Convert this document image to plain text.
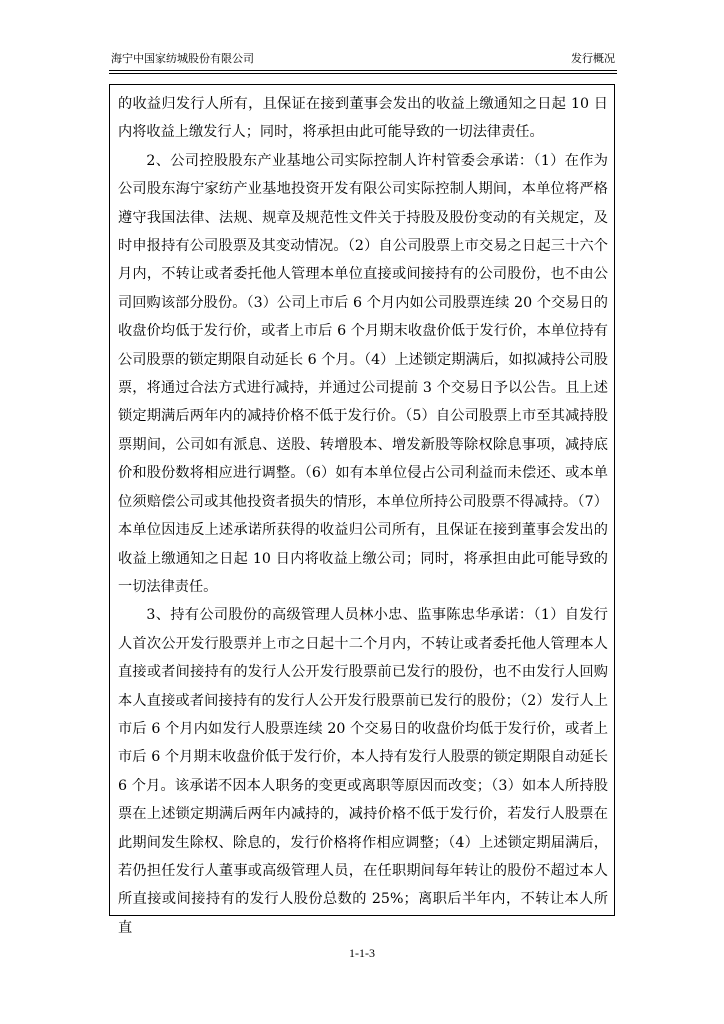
海宁中国家纺城股份有限公司	发行概况

的收益归发行人所有，且保证在接到董事会发出的收益上缴通知之日起 10 日内将收益上缴发行人；同时，将承担由此可能导致的一切法律责任。

2、公司控股股东产业基地公司实际控制人许村管委会承诺：（1）在作为公司股东海宁家纺产业基地投资开发有限公司实际控制人期间，本单位将严格遵守我国法律、法规、规章及规范性文件关于持股及股份变动的有关规定，及时申报持有公司股票及其变动情况。（2）自公司股票上市交易之日起三十六个月内，不转让或者委托他人管理本单位直接或间接持有的公司股份，也不由公司回购该部分股份。（3）公司上市后 6 个月内如公司股票连续 20 个交易日的收盘价均低于发行价，或者上市后 6 个月期末收盘价低于发行价，本单位持有公司股票的锁定期限自动延长 6 个月。（4）上述锁定期满后，如拟减持公司股票，将通过合法方式进行减持，并通过公司提前 3 个交易日予以公告。且上述锁定期满后两年内的减持价格不低于发行价。（5）自公司股票上市至其减持股票期间，公司如有派息、送股、转增股本、增发新股等除权除息事项，减持底价和股份数将相应进行调整。（6）如有本单位侵占公司利益而未偿还、或本单位须赔偿公司或其他投资者损失的情形，本单位所持公司股票不得减持。（7）本单位因违反上述承诺所获得的收益归公司所有，且保证在接到董事会发出的收益上缴通知之日起 10 日内将收益上缴公司；同时，将承担由此可能导致的一切法律责任。

3、持有公司股份的高级管理人员林小忠、监事陈忠华承诺：（1）自发行人首次公开发行股票并上市之日起十二个月内，不转让或者委托他人管理本人直接或者间接持有的发行人公开发行股票前已发行的股份，也不由发行人回购本人直接或者间接持有的发行人公开发行股票前已发行的股份；（2）发行人上市后 6 个月内如发行人股票连续 20 个交易日的收盘价均低于发行价，或者上市后 6 个月期末收盘价低于发行价，本人持有发行人股票的锁定期限自动延长 6 个月。该承诺不因本人职务的变更或离职等原因而改变；（3）如本人所持股票在上述锁定期满后两年内减持的，减持价格不低于发行价，若发行人股票在此期间发生除权、除息的，发行价格将作相应调整；（4）上述锁定期届满后，若仍担任发行人董事或高级管理人员，在任职期间每年转让的股份不超过本人所直接或间接持有的发行人股份总数的 25%；离职后半年内，不转让本人所直

1-1-3
